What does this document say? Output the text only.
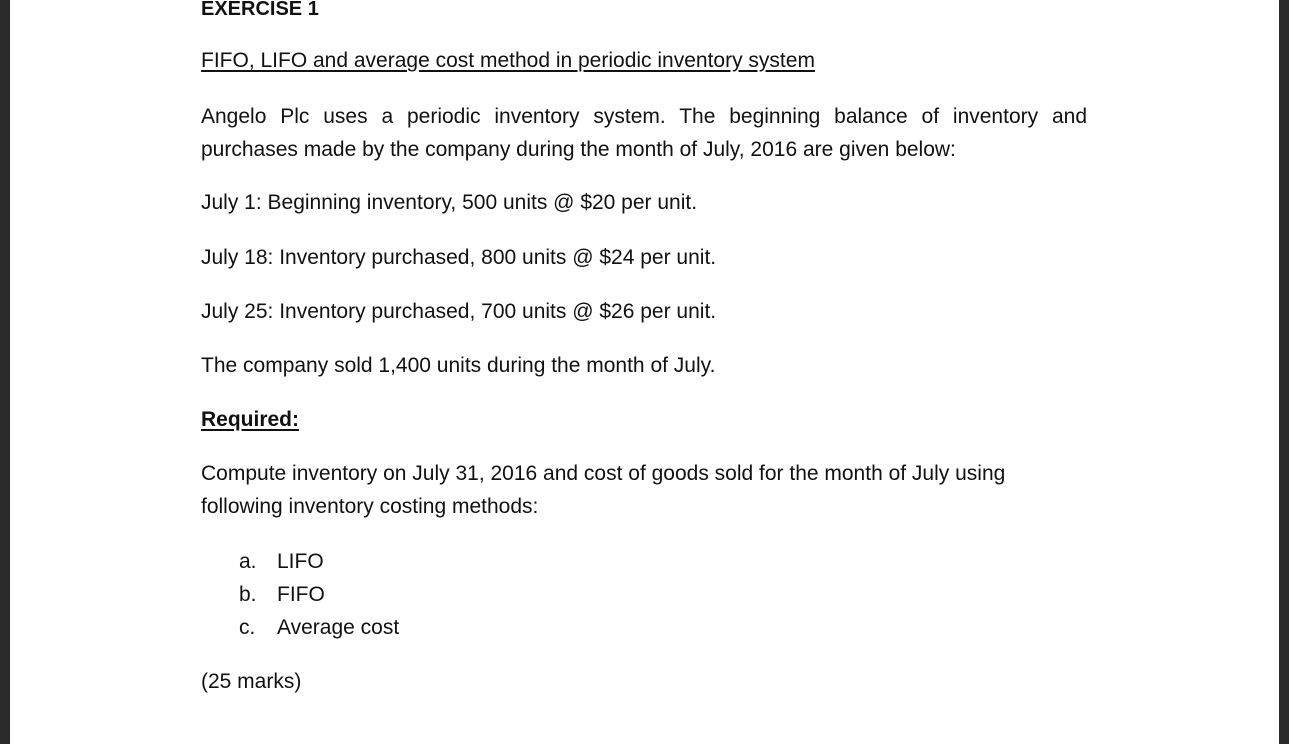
EXERCISE 1
FIFO, LIFO and average cost method in periodic inventory system
Angelo Plc uses a periodic inventory system. The beginning balance of inventory and
purchases made by the company during the month of July, 2016 are given below:
July 1: Beginning inventory, 500 units @ $20 per unit.
July 18: Inventory purchased, 800 units @ $24 per unit.
July 25: Inventory purchased, 700 units @ $26 per unit.
The company sold 1,400 units during the month of July.
Required:
Compute inventory on July 31, 2016 and cost of goods sold for the month of July using
following inventory costing methods:
a. LIFO
b. FIFO
c. Average cost
(25 marks)
